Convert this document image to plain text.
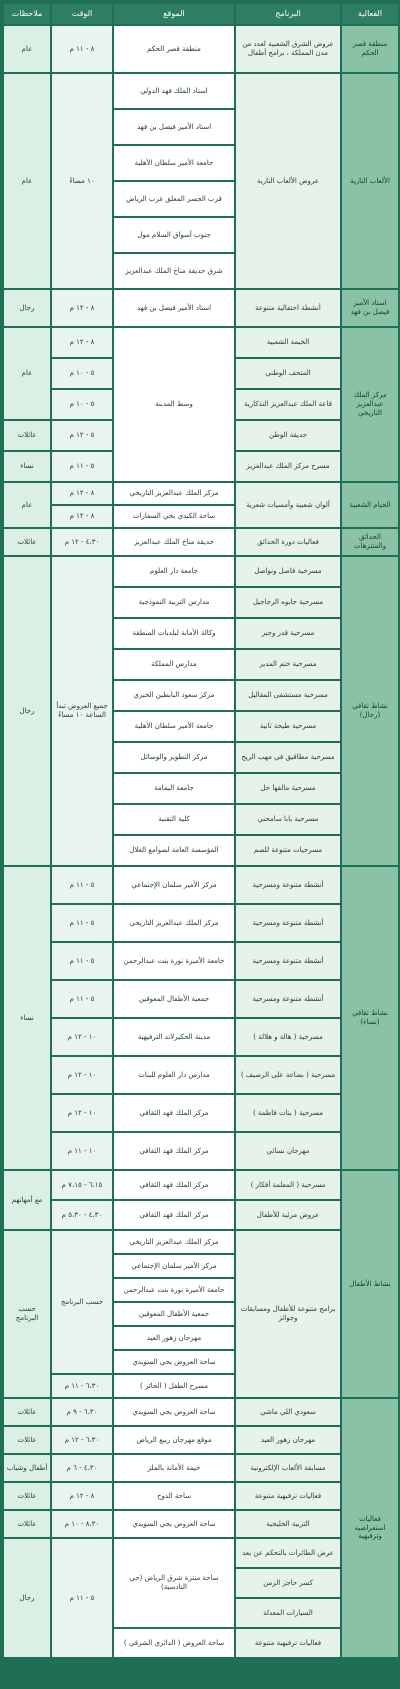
الفعالية	البرنامج	الموقع	الوقت	ملاحظات
منطقة قصر الحكم	عروض الشرق الشعبية لعدد من مدن المملكة ، برامج أطفال	منطقة قصر الحكم	٨ - ١١ م	عام
الألعاب النارية	عروض الألعاب النارية	استاد الملك فهد الدولي	١٠ مساءً	عام
		استاد الأمير فيصل بن فهد		
		جامعة الأمير سلطان الأهلية		
		قرب الجسر المعلق غرب الرياض		
		جنوب أسواق السلام مول		
		شرق حديقة مناخ الملك عبدالعزيز		
استاد الأمير فيصل بن فهد	أنشطة احتفالية متنوعة	استاد الأمير فيصل بن فهد	٨ - ١٢ م	رجال
مركز الملك عبدالعزيز التاريخي	الخيمة الشعبية	وسط المدينة	٨ - ١٢ م	عام
	المتحف الوطني		٥ - ١٠ م	
	قاعة الملك عبدالعزيز التذكارية		٥ - ١٠ م	
	حديقة الوطن		٥ - ١٢ م	عائلات
	مسرح مركز الملك عبدالعزيز		٥ - ١١ م	نساء
الخيام الشعبية	ألوان شعبية وأمسيات شعرية	مركز الملك عبدالعزيز التاريخي	٨ - ١٢ م	عام
		ساحة الكندي بحي السفارات	٨ - ١٢ م	
الحدائق والمتنزهات	فعاليات دورة الحدائق	حديقة مناخ الملك عبدالعزيز	٤،٣٠ - ١٢ م	عائلات
نشاط ثقافي (رجال)	مسرحية فاصل ونواصل	جامعة دار العلوم	جميع العروض تبدأ الساعة ١٠ مساءً	رجال
	مسرحية جابوه الرجاجيل	مدارس التربية النموذجية		
	مسرحية قدر وجبر	وكالة الأمانة لبلديات المنطقة		
	مسرحية ختم المدير	مدارس المملكة		
	مسرحية مستشفى المقاليل	مركز سعود البابطين الخيري		
	مسرحية طيحة ثانية	جامعة الأمير سلطان الأهلية		
	مسرحية مطاقيق في مهب الريح	مركز التطوير والوسائل		
	مسرحية مالقها حل	جامعة اليمامة		
	مسرحية بابا سامحني	كلية التقنية		
	مسرحيات متنوعة للصم	المؤسسة العامة لصوامع الغلال		
نشاط ثقافي (نساء)	أنشطة متنوعة ومسرحية	مركز الأمير سلمان الإجتماعي	٥ - ١١ م	نساء
	أنشطة متنوعة ومسرحية	مركز الملك عبدالعزيز التاريخي	٥ - ١١ م	
	أنشطة متنوعة ومسرحية	جامعة الأميرة نورة بنت عبدالرحمن	٥ - ١١ م	
	أنشطة متنوعة ومسرحية	جمعية الأطفال المعوقين	٥ - ١١ م	
	مسرحية ( هالة و هلالة )	مدينة الحكيرلاند الترفيهية	١٠ - ١٢ م	
	مسرحية ( بضاعة على الرصيف )	مدارس دار العلوم للبنات	١٠ - ١٢ م	
	مسرحية ( بنات فاطمة )	مركز الملك فهد الثقافي	١٠ - ١٢ م	
	مهرجان نسائي	مركز الملك فهد الثقافي	١٠ - ١١ م	
نشاط الأطفال	مسرحية ( المعلمة أفكار )	مركز الملك فهد الثقافي	٦،١٥ - ٧،١٥ م	مع أمهاتهم
	عروض مرئية للأطفال	مركز الملك فهد الثقافي	٤،٣٠ - ٥،٣٠ م	
	برامج متنوعة للأطفال ومسابقات وجوائز	مركز الملك عبدالعزيز التاريخي	حسب البرنامج	حسب البرنامج
		مركز الأمير سلمان الإجتماعي		
		جامعة الأميرة نورة بنت عبدالرحمن		
		جمعية الأطفال المعوقين		
		مهرجان زهور العيد		
		ساحة العروض بحي السويدي		
		مسرح الطفل ( الحائر )	٦،٣٠ - ١١ م	
فعاليات استعراضية وترفيهية	سعودي اللي ماشي	ساحة العروض بحي السويدي	٦،٣٠ - ٩ م	عائلات
	مهرجان زهور العيد	موقع مهرجان ربيع الرياض	٦،٣٠ - ١٢ م	عائلات
	مسابقة الألعاب الإلكترونية	خيمة الأمانة بالملز	٤،٣٠ - ٦ م	أطفال وشباب
	فعاليات ترفيهية متنوعة	ساحة الدوح	٨ - ١٢ م	عائلات
	التربية الخليجية	ساحة العروض بحي السويدي	٨،٣٠ - ١٠ م	عائلات
	عرض الطائرات بالتحكم عن بعد	ساحة منتزة شرق الرياض (حي النادسية)	٥ - ١١ م	رجال
	كسر حاجز الزمن			
	السيارات المعدلة			
	فعاليات ترفيهية متنوعة	ساحة العروض ( الدائري الشرقي )		
